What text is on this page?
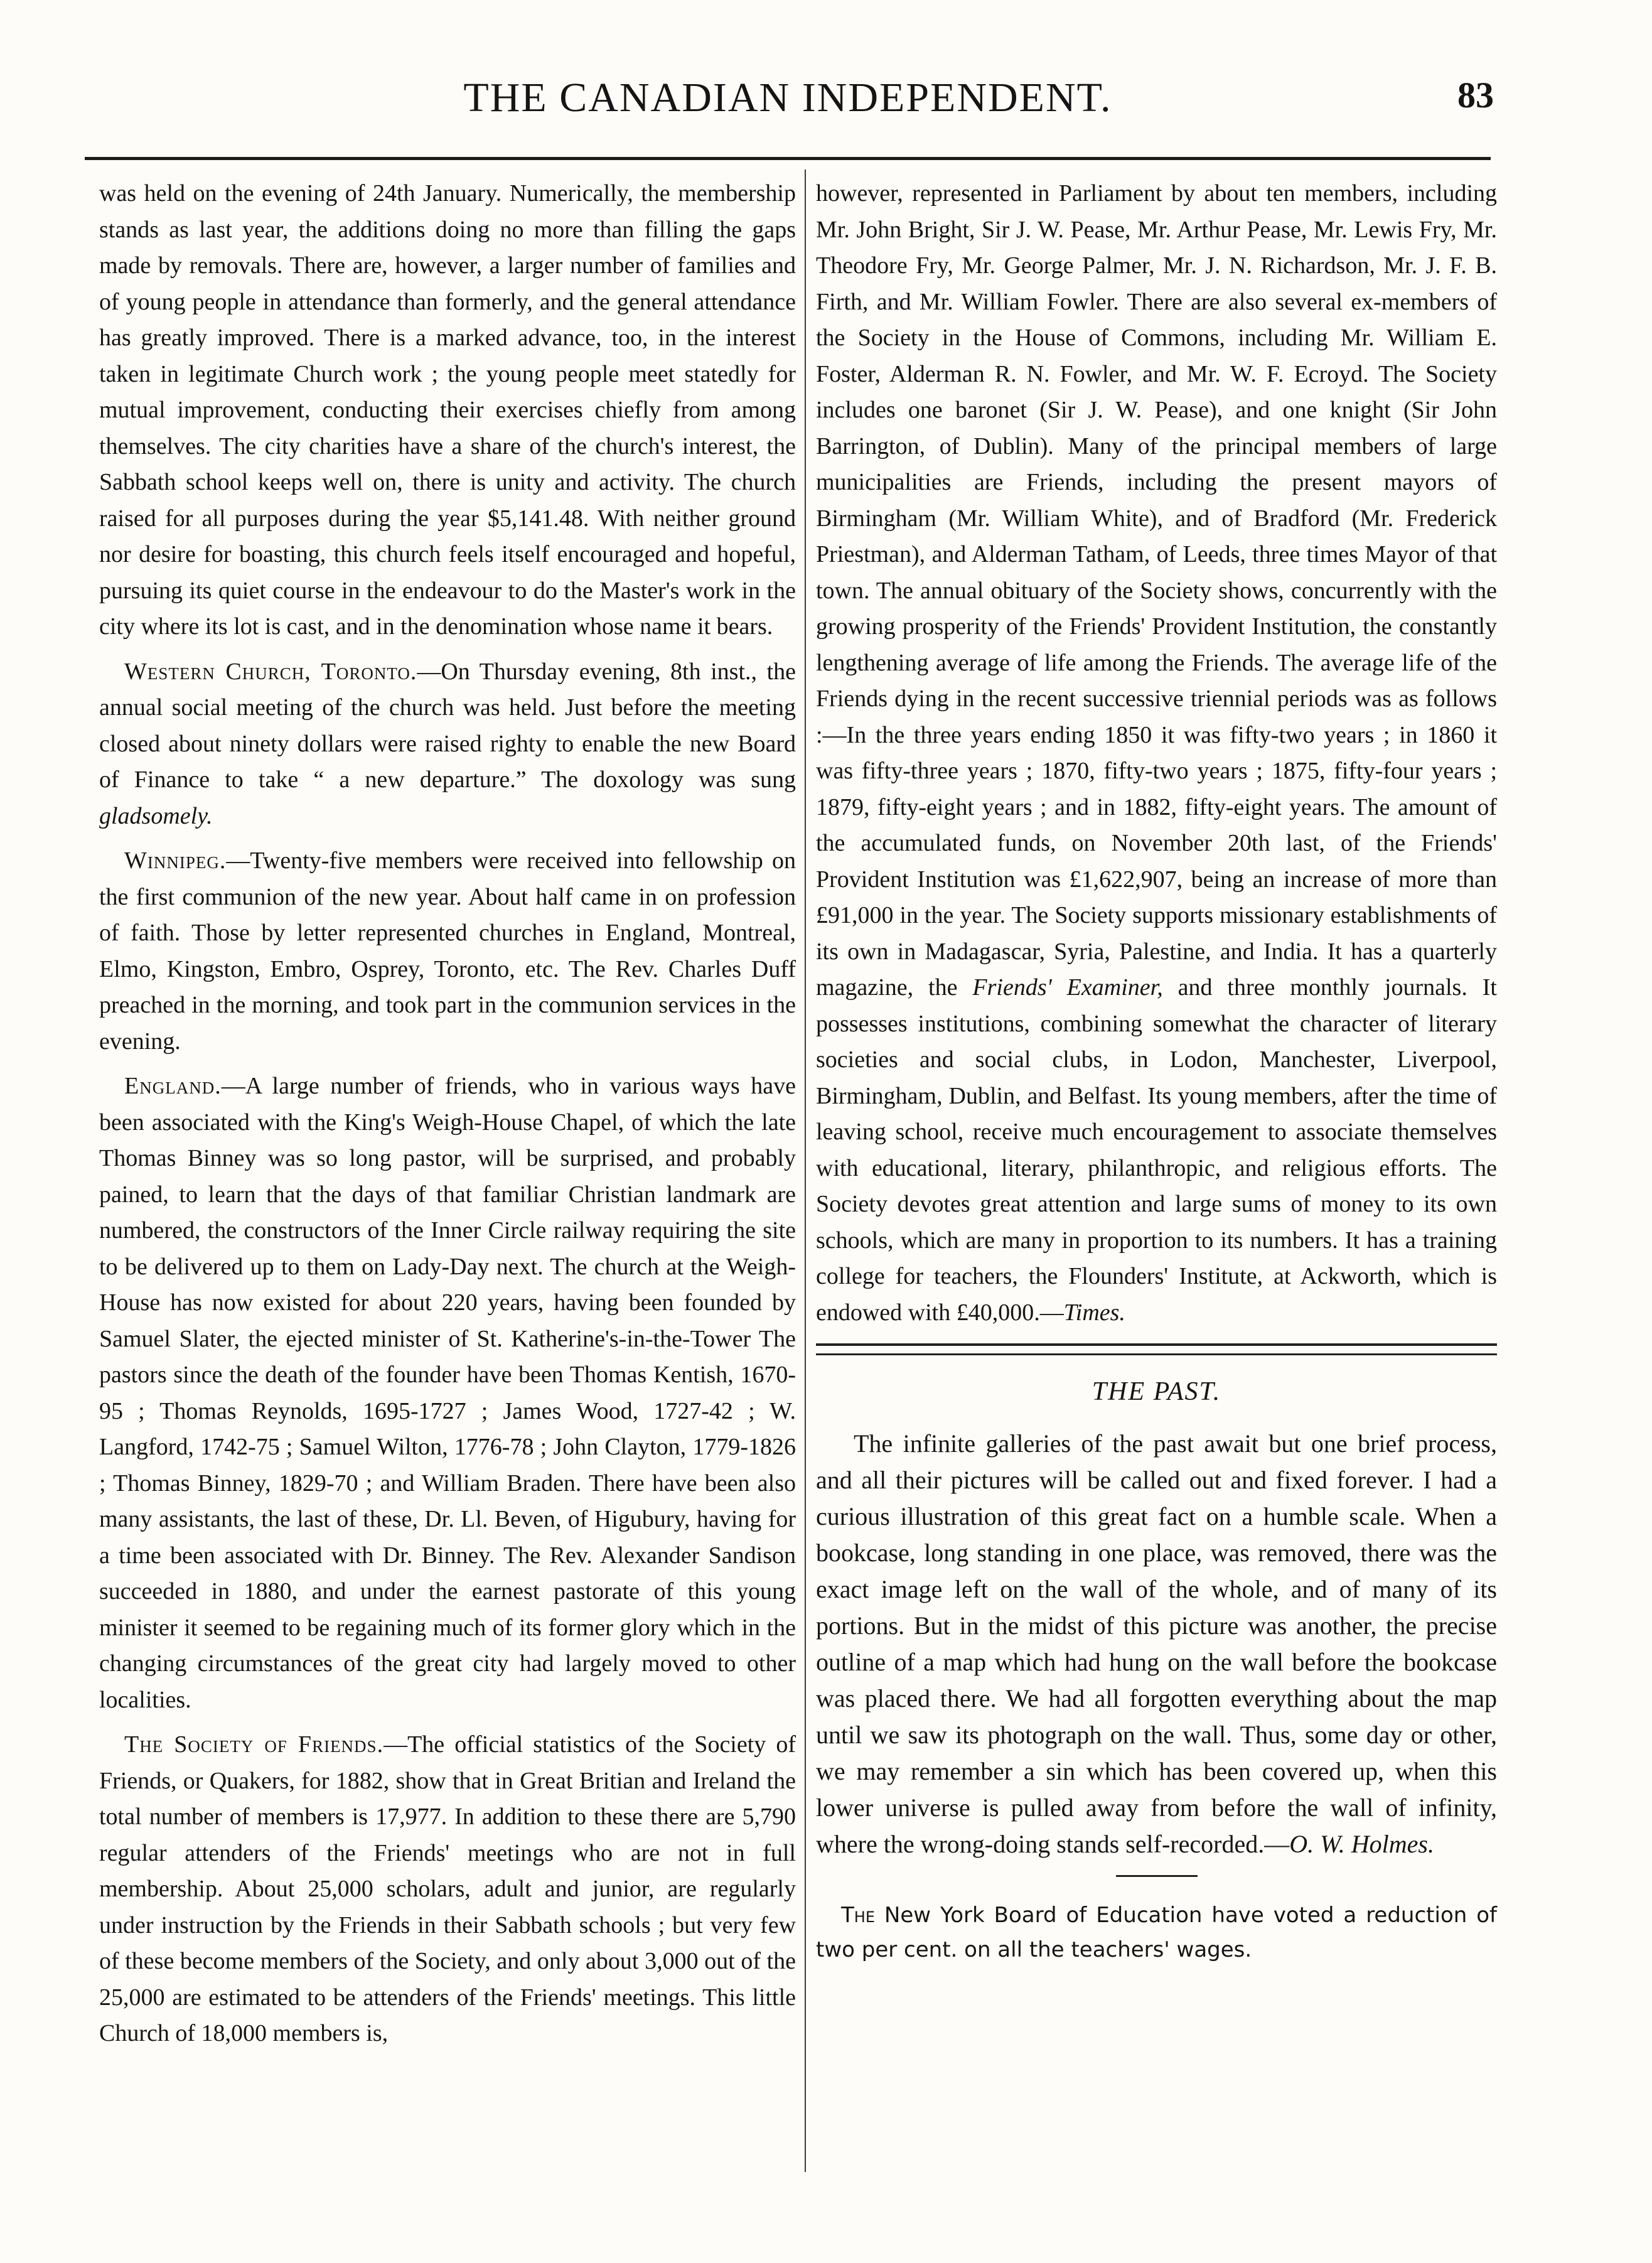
THE CANADIAN INDEPENDENT.	83

was held on the evening of 24th January. Numerically, the membership stands as last year, the additions doing no more than filling the gaps made by removals. There are, however, a larger number of families and of young people in attendance than formerly, and the general attendance has greatly improved. There is a marked advance, too, in the interest taken in legitimate Church work ; the young people meet statedly for mutual improvement, conducting their exercises chiefly from among themselves. The city charities have a share of the church's interest, the Sabbath school keeps well on, there is unity and activity. The church raised for all purposes during the year $5,141.48. With neither ground nor desire for boasting, this church feels itself encouraged and hopeful, pursuing its quiet course in the endeavour to do the Master's work in the city where its lot is cast, and in the denomination whose name it bears.

Western Church, Toronto.—On Thursday evening, 8th inst., the annual social meeting of the church was held. Just before the meeting closed about ninety dollars were raised righty to enable the new Board of Finance to take “ a new departure.” The doxology was sung gladsomely.

Winnipeg.—Twenty-five members were received into fellowship on the first communion of the new year. About half came in on profession of faith. Those by letter represented churches in England, Montreal, Elmo, Kingston, Embro, Osprey, Toronto, etc. The Rev. Charles Duff preached in the morning, and took part in the communion services in the evening.

England.—A large number of friends, who in various ways have been associated with the King's Weigh-House Chapel, of which the late Thomas Binney was so long pastor, will be surprised, and probably pained, to learn that the days of that familiar Christian landmark are numbered, the constructors of the Inner Circle railway requiring the site to be delivered up to them on Lady-Day next. The church at the Weigh-House has now existed for about 220 years, having been founded by Samuel Slater, the ejected minister of St. Katherine's-in-the-Tower The pastors since the death of the founder have been Thomas Kentish, 1670-95 ; Thomas Reynolds, 1695-1727 ; James Wood, 1727-42 ; W. Langford, 1742-75 ; Samuel Wilton, 1776-78 ; John Clayton, 1779-1826 ; Thomas Binney, 1829-70 ; and William Braden. There have been also many assistants, the last of these, Dr. Ll. Beven, of Higubury, having for a time been associated with Dr. Binney. The Rev. Alexander Sandison succeeded in 1880, and under the earnest pastorate of this young minister it seemed to be regaining much of its former glory which in the changing circumstances of the great city had largely moved to other localities.

The Society of Friends.—The official statistics of the Society of Friends, or Quakers, for 1882, show that in Great Britian and Ireland the total number of members is 17,977. In addition to these there are 5,790 regular attenders of the Friends' meetings who are not in full membership. About 25,000 scholars, adult and junior, are regularly under instruction by the Friends in their Sabbath schools ; but very few of these become members of the Society, and only about 3,000 out of the 25,000 are estimated to be attenders of the Friends' meetings. This little Church of 18,000 members is,

however, represented in Parliament by about ten members, including Mr. John Bright, Sir J. W. Pease, Mr. Arthur Pease, Mr. Lewis Fry, Mr. Theodore Fry, Mr. George Palmer, Mr. J. N. Richardson, Mr. J. F. B. Firth, and Mr. William Fowler. There are also several ex-members of the Society in the House of Commons, including Mr. William E. Foster, Alderman R. N. Fowler, and Mr. W. F. Ecroyd. The Society includes one baronet (Sir J. W. Pease), and one knight (Sir John Barrington, of Dublin). Many of the principal members of large municipalities are Friends, including the present mayors of Birmingham (Mr. William White), and of Bradford (Mr. Frederick Priestman), and Alderman Tatham, of Leeds, three times Mayor of that town. The annual obituary of the Society shows, concurrently with the growing prosperity of the Friends' Provident Institution, the constantly lengthening average of life among the Friends. The average life of the Friends dying in the recent successive triennial periods was as follows :—In the three years ending 1850 it was fifty-two years ; in 1860 it was fifty-three years ; 1870, fifty-two years ; 1875, fifty-four years ; 1879, fifty-eight years ; and in 1882, fifty-eight years. The amount of the accumulated funds, on November 20th last, of the Friends' Provident Institution was £1,622,907, being an increase of more than £91,000 in the year. The Society supports missionary establishments of its own in Madagascar, Syria, Palestine, and India. It has a quarterly magazine, the Friends' Examiner, and three monthly journals. It possesses institutions, combining somewhat the character of literary societies and social clubs, in Lodon, Manchester, Liverpool, Birmingham, Dublin, and Belfast. Its young members, after the time of leaving school, receive much encouragement to associate themselves with educational, literary, philanthropic, and religious efforts. The Society devotes great attention and large sums of money to its own schools, which are many in proportion to its numbers. It has a training college for teachers, the Flounders' Institute, at Ackworth, which is endowed with £40,000.—Times.

THE PAST.

The infinite galleries of the past await but one brief process, and all their pictures will be called out and fixed forever. I had a curious illustration of this great fact on a humble scale. When a bookcase, long standing in one place, was removed, there was the exact image left on the wall of the whole, and of many of its portions. But in the midst of this picture was another, the precise outline of a map which had hung on the wall before the bookcase was placed there. We had all forgotten everything about the map until we saw its photograph on the wall. Thus, some day or other, we may remember a sin which has been covered up, when this lower universe is pulled away from before the wall of infinity, where the wrong-doing stands self-recorded.—O. W. Holmes.

The New York Board of Education have voted a reduction of two per cent. on all the teachers' wages.
